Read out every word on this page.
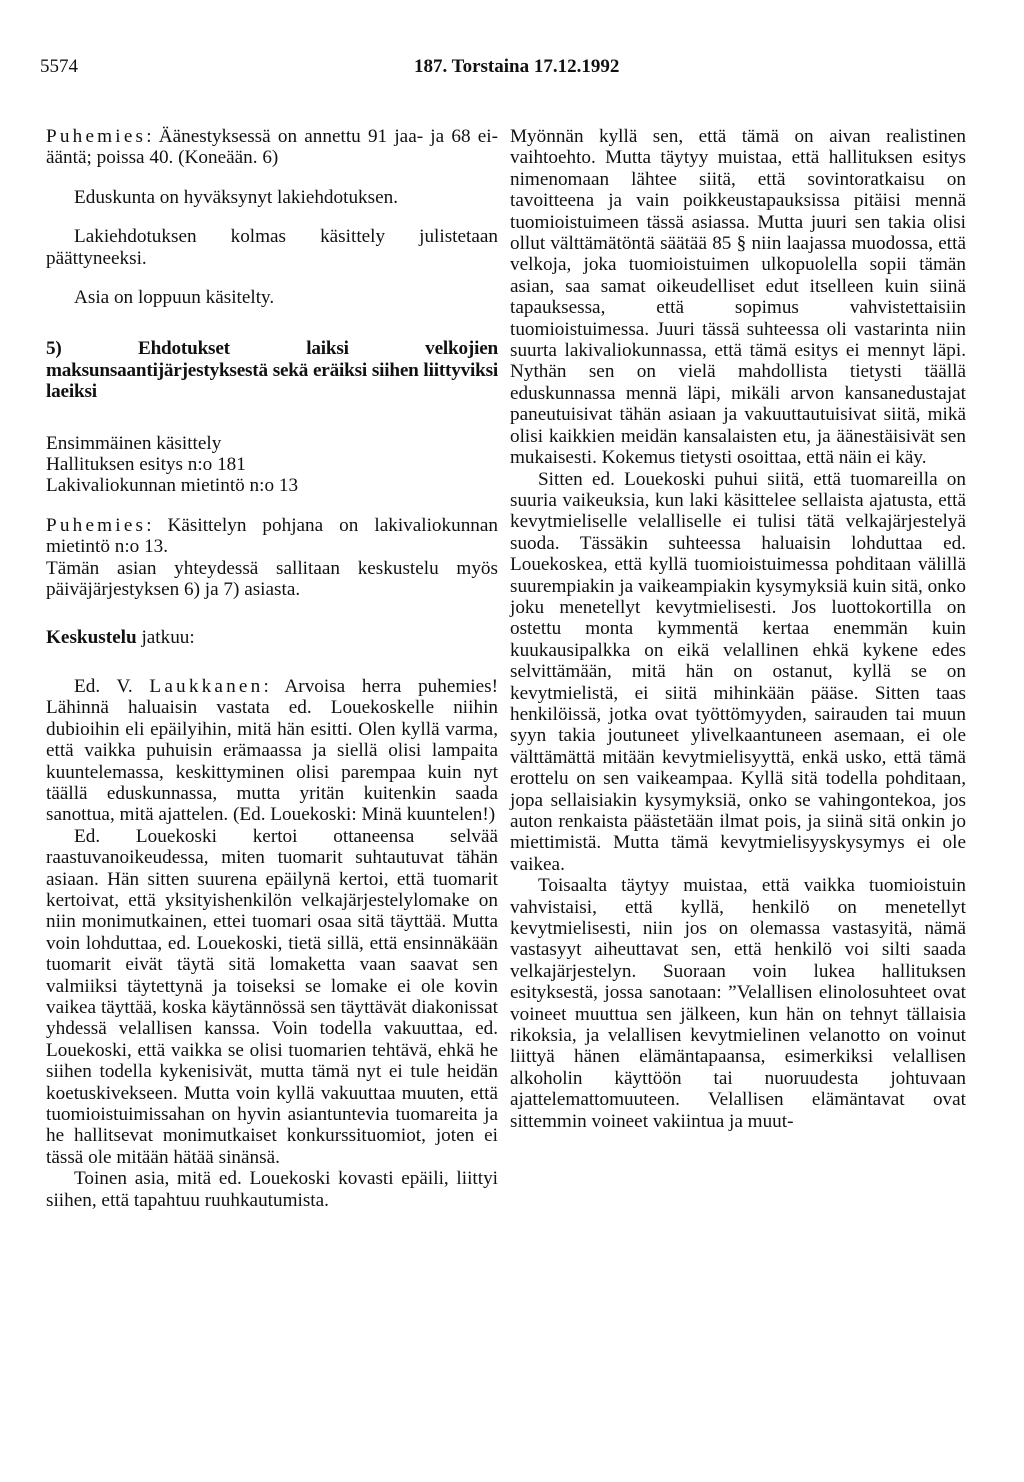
5574	187. Torstaina 17.12.1992

Puhemies: Äänestyksessä on annettu 91 jaa- ja 68 ei-ääntä; poissa 40. (Koneään. 6)

Eduskunta on hyväksynyt lakiehdotuksen.

Lakiehdotuksen kolmas käsittely julistetaan päättyneeksi.

Asia on loppuun käsitelty.

5) Ehdotukset laiksi velkojien maksunsaantijärjestyksestä sekä eräiksi siihen liittyviksi laeiksi

Ensimmäinen käsittely
Hallituksen esitys n:o 181
Lakivaliokunnan mietintö n:o 13

Puhemies: Käsittelyn pohjana on lakivaliokunnan mietintö n:o 13.

Tämän asian yhteydessä sallitaan keskustelu myös päiväjärjestyksen 6) ja 7) asiasta.

Keskustelu jatkuu:

Ed. V. Laukkanen: Arvoisa herra puhemies! Lähinnä haluaisin vastata ed. Louekoskelle niihin dubioihin eli epäilyihin, mitä hän esitti. Olen kyllä varma, että vaikka puhuisin erämaassa ja siellä olisi lampaita kuuntelemassa, keskittyminen olisi parempaa kuin nyt täällä eduskunnassa, mutta yritän kuitenkin saada sanottua, mitä ajattelen. (Ed. Louekoski: Minä kuuntelen!)

Ed. Louekoski kertoi ottaneensa selvää raastuvanoikeudessa, miten tuomarit suhtautuvat tähän asiaan. Hän sitten suurena epäilynä kertoi, että tuomarit kertoivat, että yksityishenkilön velkajärjestelylomake on niin monimutkainen, ettei tuomari osaa sitä täyttää. Mutta voin lohduttaa, ed. Louekoski, tietä sillä, että ensinnäkään tuomarit eivät täytä sitä lomaketta vaan saavat sen valmiiksi täytettynä ja toiseksi se lomake ei ole kovin vaikea täyttää, koska käytännössä sen täyttävät diakonissat yhdessä velallisen kanssa. Voin todella vakuuttaa, ed. Louekoski, että vaikka se olisi tuomarien tehtävä, ehkä he siihen todella kykenisivät, mutta tämä nyt ei tule heidän koetuskivekseen. Mutta voin kyllä vakuuttaa muuten, että tuomioistuimissahan on hyvin asiantuntevia tuomareita ja he hallitsevat monimutkaiset konkurssituomiot, joten ei tässä ole mitään hätää sinänsä.

Toinen asia, mitä ed. Louekoski kovasti epäili, liittyi siihen, että tapahtuu ruuhkautumista.

Myönnän kyllä sen, että tämä on aivan realistinen vaihtoehto. Mutta täytyy muistaa, että hallituksen esitys nimenomaan lähtee siitä, että sovintoratkaisu on tavoitteena ja vain poikkeustapauksissa pitäisi mennä tuomioistuimeen tässä asiassa. Mutta juuri sen takia olisi ollut välttämätöntä säätää 85 § niin laajassa muodossa, että velkoja, joka tuomioistuimen ulkopuolella sopii tämän asian, saa samat oikeudelliset edut itselleen kuin siinä tapauksessa, että sopimus vahvistettaisiin tuomioistuimessa. Juuri tässä suhteessa oli vastarinta niin suurta lakivaliokunnassa, että tämä esitys ei mennyt läpi. Nythän sen on vielä mahdollista tietysti täällä eduskunnassa mennä läpi, mikäli arvon kansanedustajat paneutuisivat tähän asiaan ja vakuuttautuisivat siitä, mikä olisi kaikkien meidän kansalaisten etu, ja äänestäisivät sen mukaisesti. Kokemus tietysti osoittaa, että näin ei käy.

Sitten ed. Louekoski puhui siitä, että tuomareilla on suuria vaikeuksia, kun laki käsittelee sellaista ajatusta, että kevytmieliselle velalliselle ei tulisi tätä velkajärjestelyä suoda. Tässäkin suhteessa haluaisin lohduttaa ed. Louekoskea, että kyllä tuomioistuimessa pohditaan välillä suurempiakin ja vaikeampiakin kysymyksiä kuin sitä, onko joku menetellyt kevytmielisesti. Jos luottokortilla on ostettu monta kymmentä kertaa enemmän kuin kuukausipalkka on eikä velallinen ehkä kykene edes selvittämään, mitä hän on ostanut, kyllä se on kevytmielistä, ei siitä mihinkään pääse. Sitten taas henkilöissä, jotka ovat työttömyyden, sairauden tai muun syyn takia joutuneet ylivelkaantuneen asemaan, ei ole välttämättä mitään kevytmielisyyttä, enkä usko, että tämä erottelu on sen vaikeampaa. Kyllä sitä todella pohditaan, jopa sellaisiakin kysymyksiä, onko se vahingontekoa, jos auton renkaista päästetään ilmat pois, ja siinä sitä onkin jo miettimistä. Mutta tämä kevytmielisyyskysymys ei ole vaikea.

Toisaalta täytyy muistaa, että vaikka tuomioistuin vahvistaisi, että kyllä, henkilö on menetellyt kevytmielisesti, niin jos on olemassa vastasyitä, nämä vastasyyt aiheuttavat sen, että henkilö voi silti saada velkajärjestelyn. Suoraan voin lukea hallituksen esityksestä, jossa sanotaan: ”Velallisen elinolosuhteet ovat voineet muuttua sen jälkeen, kun hän on tehnyt tällaisia rikoksia, ja velallisen kevytmielinen velanotto on voinut liittyä hänen elämäntapaansa, esimerkiksi velallisen alkoholin käyttöön tai nuoruudesta johtuvaan ajattelemattomuuteen. Velallisen elämäntavat ovat sittemmin voineet vakiintua ja muut-
